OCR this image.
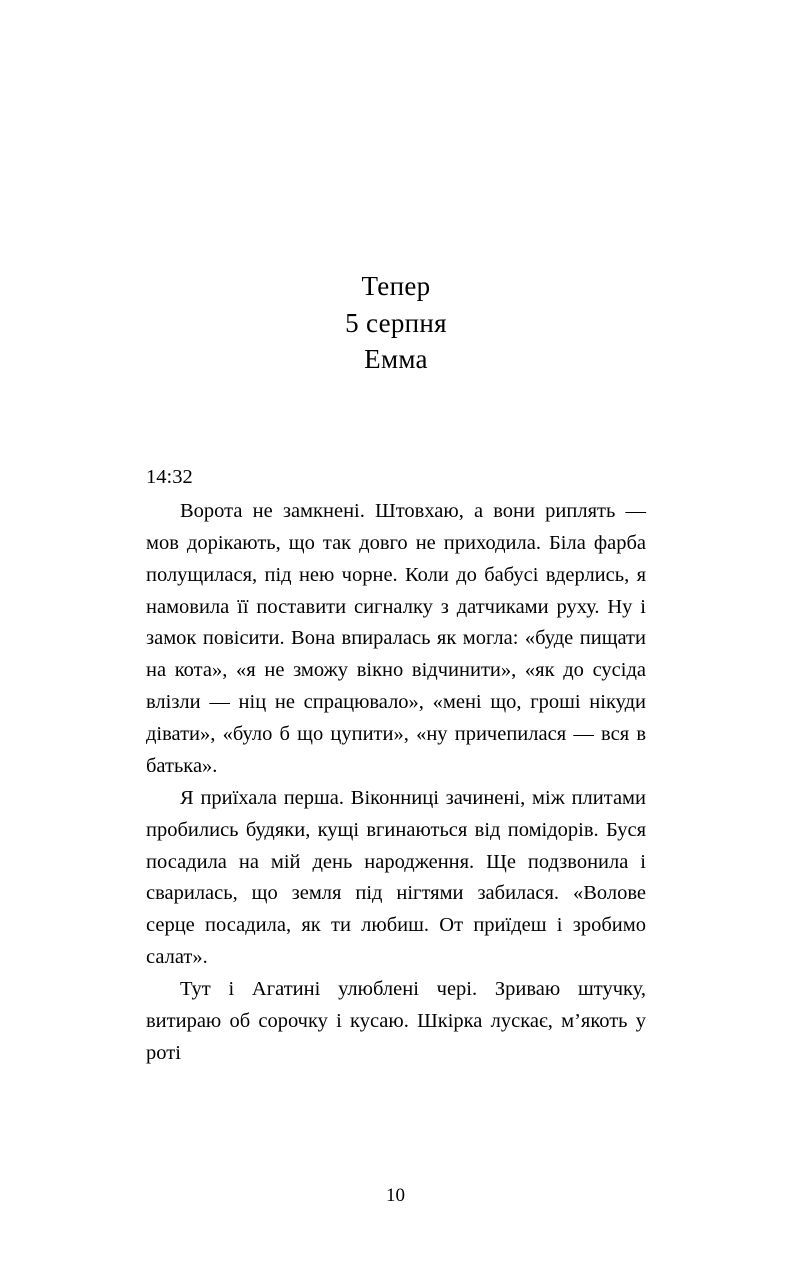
Тепер
5 серпня
Емма
14:32

Ворота не замкнені. Штовхаю, а вони риплять — мов дорікають, що так довго не приходила. Біла фарба полущилася, під нею чорне. Коли до бабусі вдерлись, я намовила її поставити сигналку з датчиками руху. Ну і замок повісити. Вона впиралась як могла: «буде пищати на кота», «я не зможу вікно відчинити», «як до сусіда влізли — ніц не спрацювало», «мені що, гроші нікуди дівати», «було б що цупити», «ну причепилася — вся в батька».

Я приїхала перша. Віконниці зачинені, між плитами пробились будяки, кущі вгинаються від помідорів. Буся посадила на мій день народження. Ще подзвонила і сварилась, що земля під нігтями забилася. «Волове серце посадила, як ти любиш. От приїдеш і зробимо салат».

Тут і Агатині улюблені чері. Зриваю штучку, витираю об сорочку і кусаю. Шкірка лускає, м’якоть у роті

10
